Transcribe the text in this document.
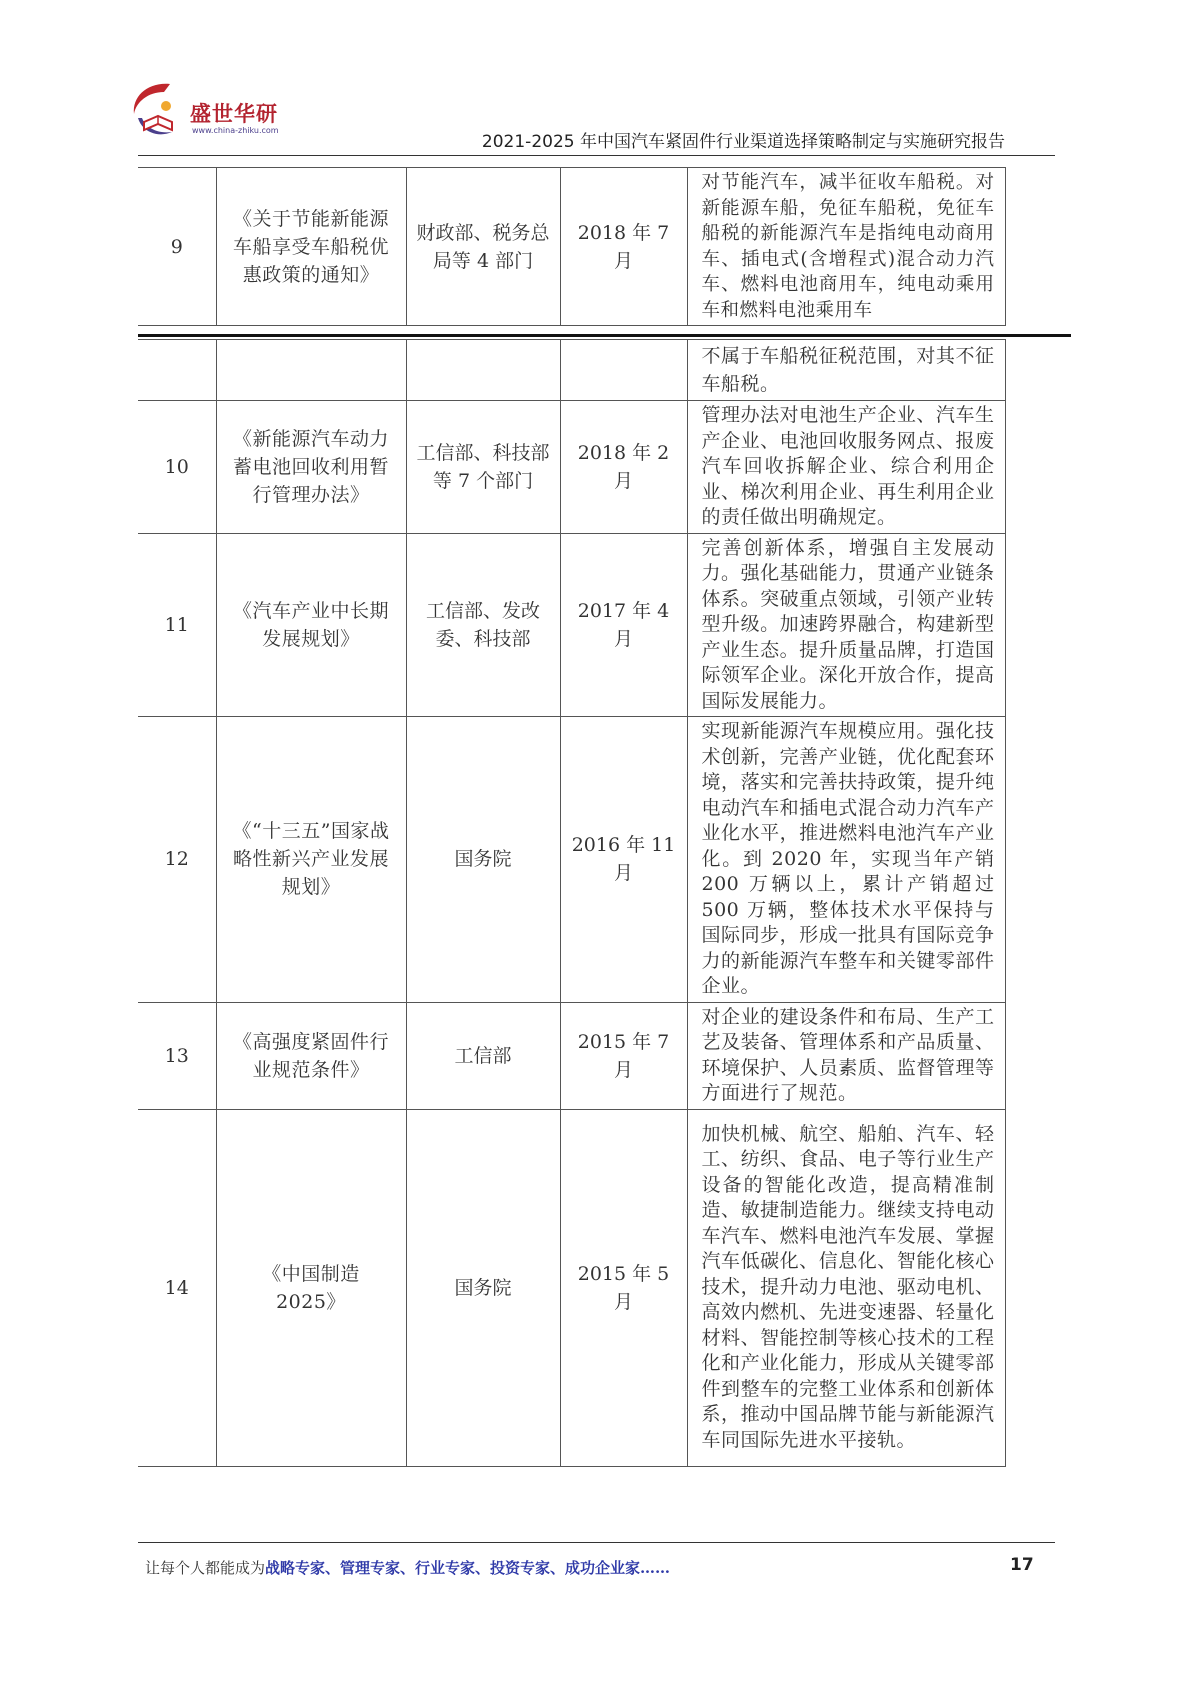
盛世华研
www.china-zhiku.com
2021-2025 年中国汽车紧固件行业渠道选择策略制定与实施研究报告
9	《关于节能新能源车船享受车船税优惠政策的通知》	财政部、税务总局等 4 部门	2018 年 7 月	对节能汽车，减半征收车船税。对新能源车船，免征车船税，免征车船税的新能源汽车是指纯电动商用车、插电式(含增程式)混合动力汽车、燃料电池商用车，纯电动乘用车和燃料电池乘用车
				不属于车船税征税范围，对其不征车船税。
10	《新能源汽车动力蓄电池回收利用暂行管理办法》	工信部、科技部等 7 个部门	2018 年 2 月	管理办法对电池生产企业、汽车生产企业、电池回收服务网点、报废汽车回收拆解企业、综合利用企业、梯次利用企业、再生利用企业的责任做出明确规定。
11	《汽车产业中长期发展规划》	工信部、发改委、科技部	2017 年 4 月	完善创新体系，增强自主发展动力。强化基础能力，贯通产业链条体系。突破重点领域，引领产业转型升级。加速跨界融合，构建新型产业生态。提升质量品牌，打造国际领军企业。深化开放合作，提高国际发展能力。
12	《“十三五”国家战略性新兴产业发展规划》	国务院	2016 年 11 月	实现新能源汽车规模应用。强化技术创新，完善产业链，优化配套环境，落实和完善扶持政策，提升纯电动汽车和插电式混合动力汽车产业化水平，推进燃料电池汽车产业化。到 2020 年，实现当年产销 200 万辆以上，累计产销超过 500 万辆，整体技术水平保持与国际同步，形成一批具有国际竞争力的新能源汽车整车和关键零部件企业。
13	《高强度紧固件行业规范条件》	工信部	2015 年 7 月	对企业的建设条件和布局、生产工艺及装备、管理体系和产品质量、环境保护、人员素质、监督管理等方面进行了规范。
14	《中国制造 2025》	国务院	2015 年 5 月	加快机械、航空、船舶、汽车、轻工、纺织、食品、电子等行业生产设备的智能化改造，提高精准制造、敏捷制造能力。继续支持电动车汽车、燃料电池汽车发展、掌握汽车低碳化、信息化、智能化核心技术，提升动力电池、驱动电机、高效内燃机、先进变速器、轻量化材料、智能控制等核心技术的工程化和产业化能力，形成从关键零部件到整车的完整工业体系和创新体系，推动中国品牌节能与新能源汽车同国际先进水平接轨。
让每个人都能成为战略专家、管理专家、行业专家、投资专家、成功企业家……	17
